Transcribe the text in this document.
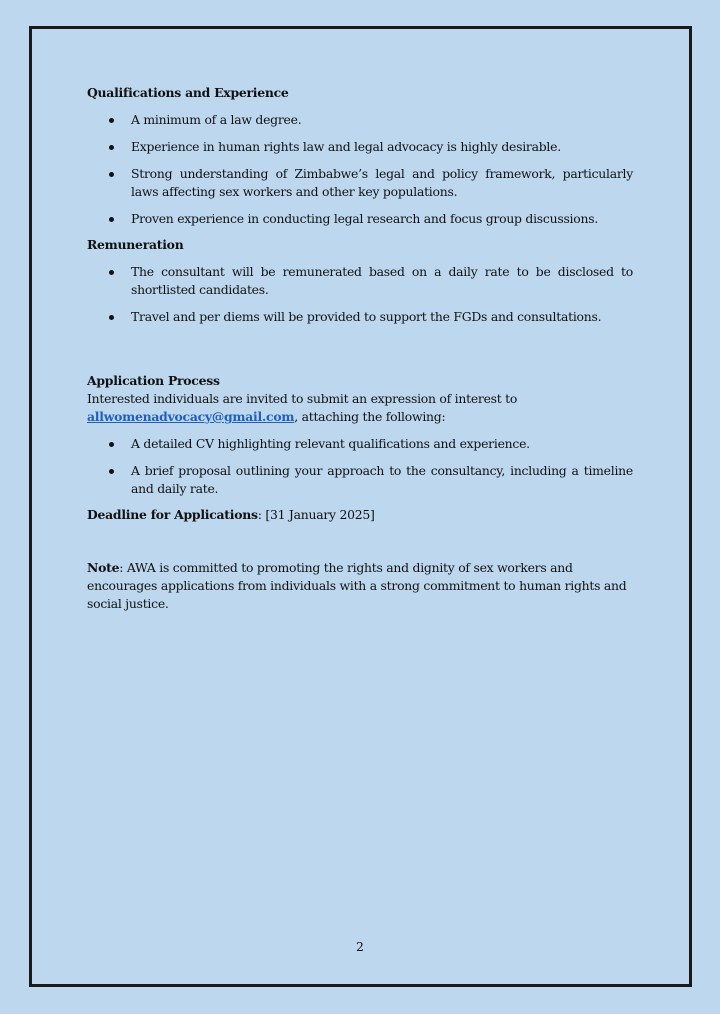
Qualifications and Experience

A minimum of a law degree.
Experience in human rights law and legal advocacy is highly desirable.
Strong understanding of Zimbabwe’s legal and policy framework, particularly laws affecting sex workers and other key populations.
Proven experience in conducting legal research and focus group discussions.

Remuneration

The consultant will be remunerated based on a daily rate to be disclosed to shortlisted candidates.
Travel and per diems will be provided to support the FGDs and consultations.

Application Process

Interested individuals are invited to submit an expression of interest to
allwomenadvocacy@gmail.com, attaching the following:

A detailed CV highlighting relevant qualifications and experience.
A brief proposal outlining your approach to the consultancy, including a timeline and daily rate.

Deadline for Applications: [31 January 2025]

Note: AWA is committed to promoting the rights and dignity of sex workers and encourages applications from individuals with a strong commitment to human rights and social justice.

2
